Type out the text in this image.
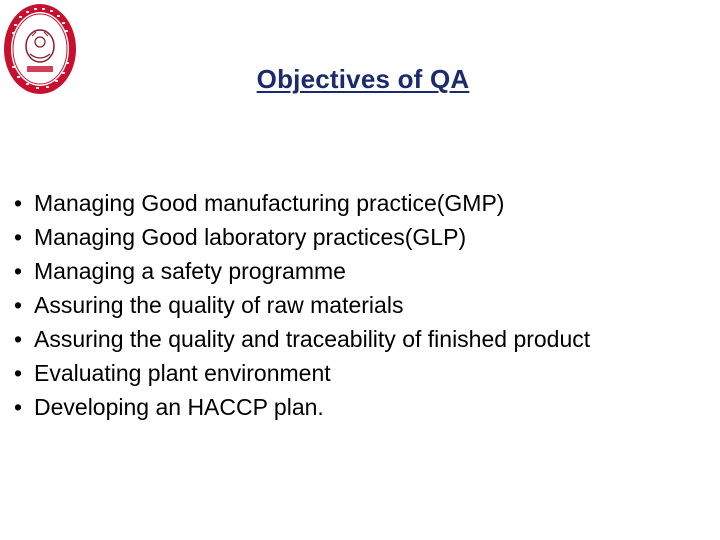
Objectives of QA
• Managing Good manufacturing practice(GMP)
• Managing Good laboratory practices(GLP)
• Managing a safety programme
• Assuring the quality of raw materials
• Assuring the quality and traceability of finished product
• Evaluating plant environment
• Developing an HACCP plan.
